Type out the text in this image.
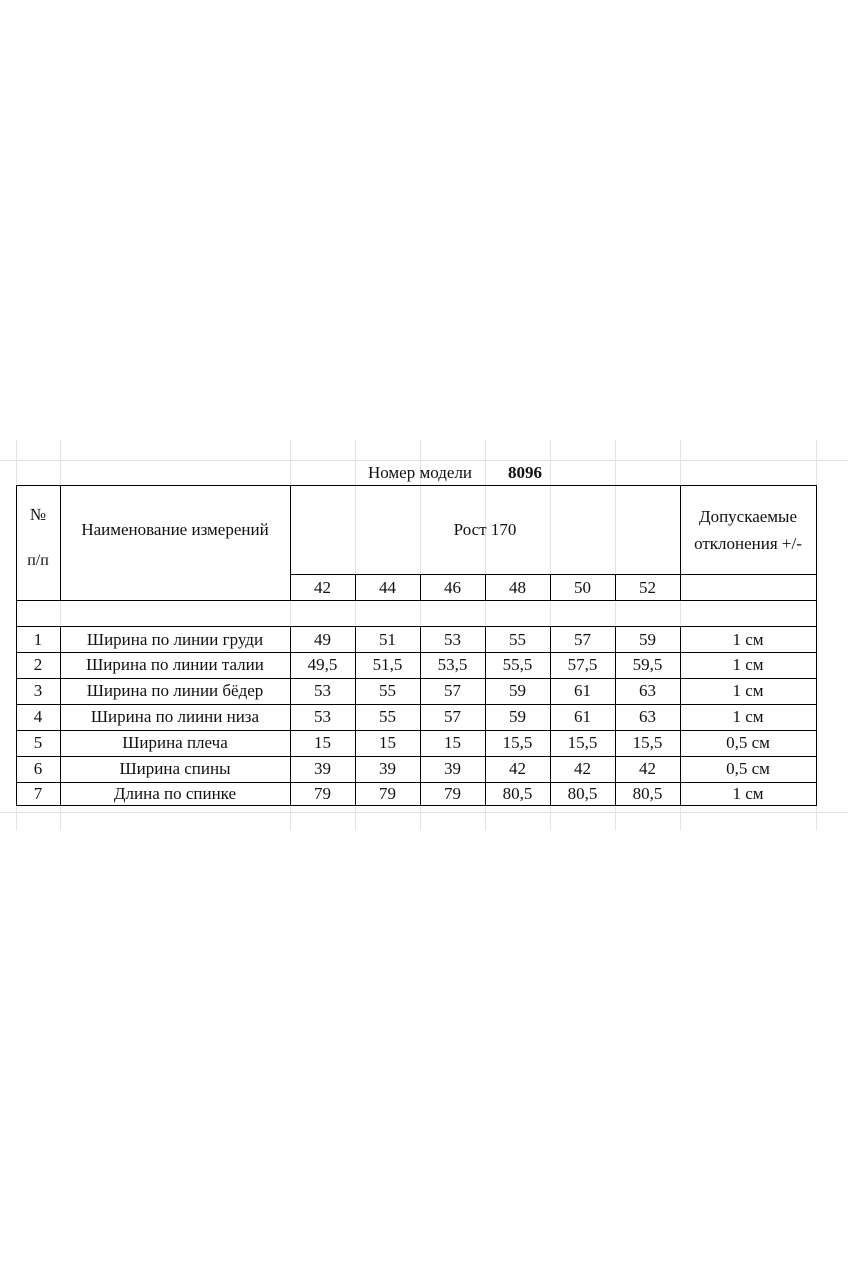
Номер модели	8096
№
п/п
Наименование измерений	Рост 170
Допускаемые
отклонения +/-
42	44	46	48	50	52
1	Ширина по линии груди	49	51	53	55	57	59	1 см
2	Ширина по линии талии	49,5	51,5	53,5	55,5	57,5	59,5	1 см
3	Ширина по линии бёдер	53	55	57	59	61	63	1 см
4	Ширина по лиини низа	53	55	57	59	61	63	1 см
5	Ширина плеча	15	15	15	15,5	15,5	15,5	0,5 см
6	Ширина спины	39	39	39	42	42	42	0,5 см
7	Длина по спинке	79	79	79	80,5	80,5	80,5	1 см
